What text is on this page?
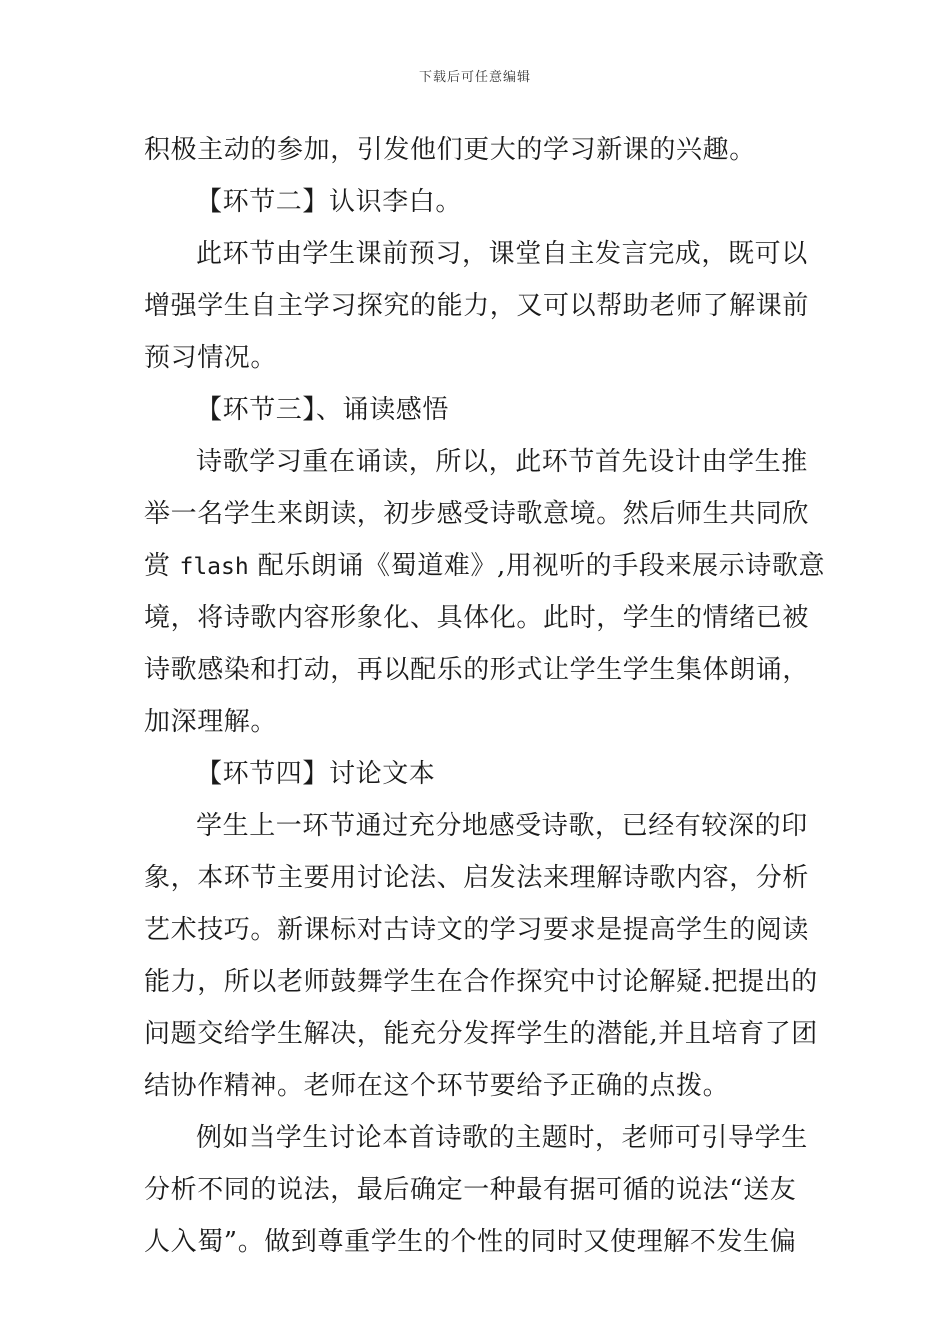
下载后可任意编辑
积极主动的参加，引发他们更大的学习新课的兴趣。
【环节二】认识李白。
此环节由学生课前预习，课堂自主发言完成，既可以
增强学生自主学习探究的能力，又可以帮助老师了解课前
预习情况。
【环节三】、诵读感悟
诗歌学习重在诵读，所以，此环节首先设计由学生推
举一名学生来朗读，初步感受诗歌意境。然后师生共同欣
赏 flash 配乐朗诵《蜀道难》,用视听的手段来展示诗歌意
境，将诗歌内容形象化、具体化。此时，学生的情绪已被
诗歌感染和打动，再以配乐的形式让学生学生集体朗诵，
加深理解。
【环节四】讨论文本
学生上一环节通过充分地感受诗歌，已经有较深的印
象，本环节主要用讨论法、启发法来理解诗歌内容，分析
艺术技巧。新课标对古诗文的学习要求是提高学生的阅读
能力，所以老师鼓舞学生在合作探究中讨论解疑.把提出的
问题交给学生解决，能充分发挥学生的潜能,并且培育了团
结协作精神。老师在这个环节要给予正确的点拨。
例如当学生讨论本首诗歌的主题时，老师可引导学生
分析不同的说法，最后确定一种最有据可循的说法“送友
人入蜀”。做到尊重学生的个性的同时又使理解不发生偏
